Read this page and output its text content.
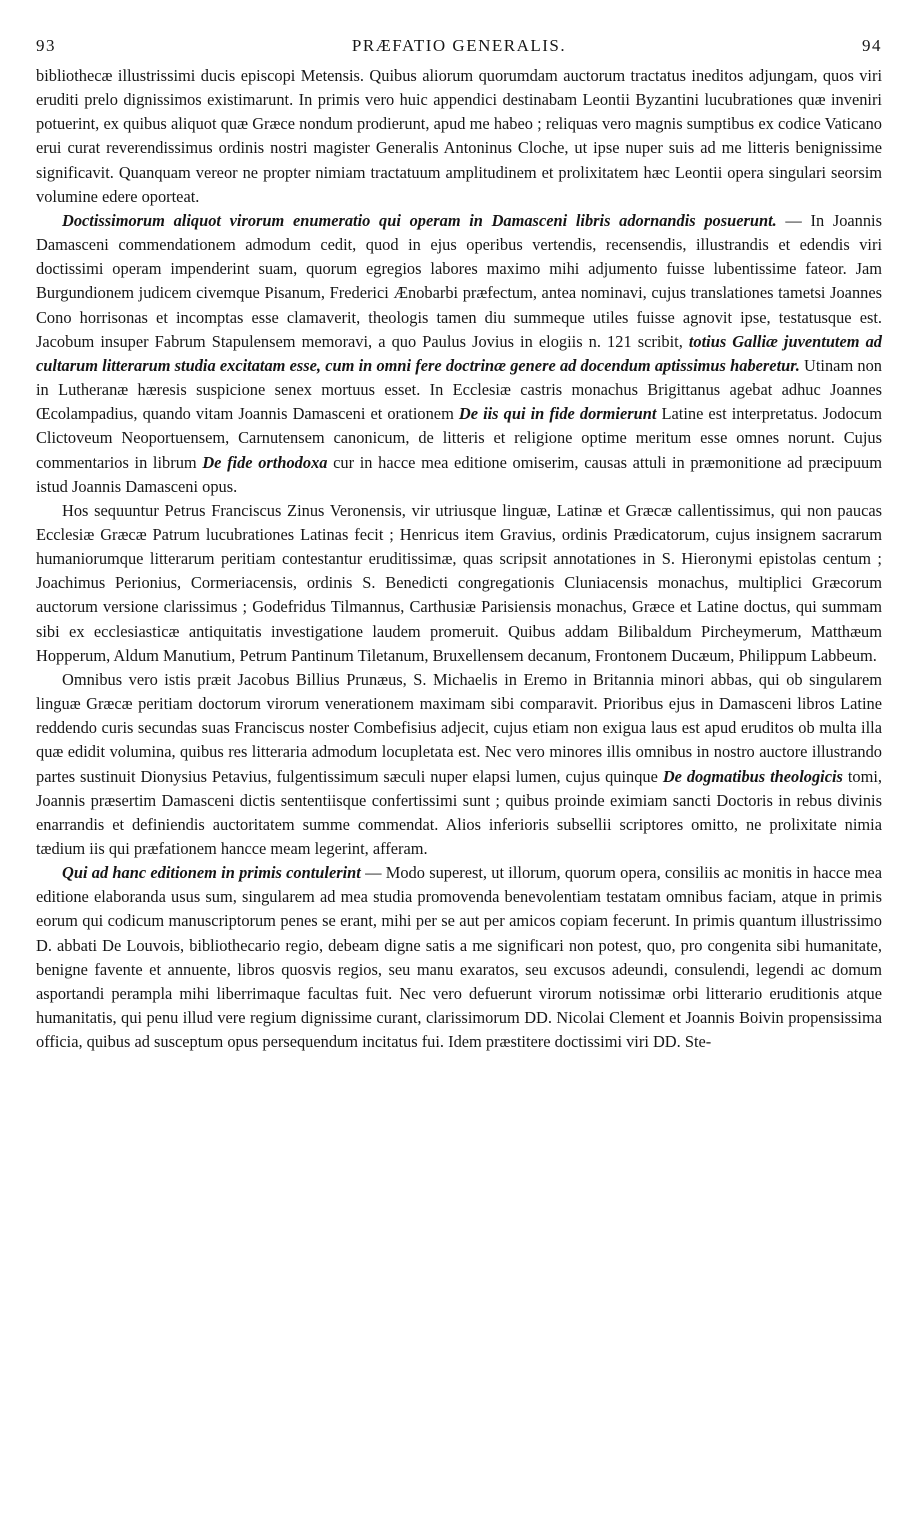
93	PRÆFATIO GENERALIS.	94

bibliothecæ illustrissimi ducis episcopi Metensis. Quibus aliorum quorumdam auctorum tractatus ineditos adjungam, quos viri eruditi prelo dignissimos existimarunt. In primis vero huic appendici destinabam Leontii Byzantini lucubrationes quæ inveniri potuerint, ex quibus aliquot quæ Græce nondum prodierunt, apud me habeo ; reliquas vero magnis sumptibus ex codice Vaticano erui curat reverendissimus ordinis nostri magister Generalis Antoninus Cloche, ut ipse nuper suis ad me litteris benignissime significavit. Quanquam vereor ne propter nimiam tractatuum amplitudinem et prolixitatem hæc Leontii opera singulari seorsim volumine edere oporteat.

Doctissimorum aliquot virorum enumeratio qui operam in Damasceni libris adornandis posuerunt. — In Joannis Damasceni commendationem admodum cedit, quod in ejus operibus vertendis, recensendis, illustrandis et edendis viri doctissimi operam impenderint suam, quorum egregios labores maximo mihi adjumento fuisse lubentissime fateor. Jam Burgundionem judicem civemque Pisanum, Frederici Ænobarbi præfectum, antea nominavi, cujus translationes tametsi Joannes Cono horrisonas et incomptas esse clamaverit, theologis tamen diu summeque utiles fuisse agnovit ipse, testatusque est. Jacobum insuper Fabrum Stapulensem memoravi, a quo Paulus Jovius in elogiis n. 121 scribit, totius Galliæ juventutem ad cultarum litterarum studia excitatam esse, cum in omni fere doctrinæ genere ad docendum aptissimus haberetur. Utinam non in Lutheranæ hæresis suspicione senex mortuus esset. In Ecclesiæ castris monachus Brigittanus agebat adhuc Joannes Œcolampadius, quando vitam Joannis Damasceni et orationem De iis qui in fide dormierunt Latine est interpretatus. Jodocum Clictoveum Neoportuensem, Carnutensem canonicum, de litteris et religione optime meritum esse omnes norunt. Cujus commentarios in librum De fide orthodoxa cur in hacce mea editione omiserim, causas attuli in præmonitione ad præcipuum istud Joannis Damasceni opus.

Hos sequuntur Petrus Franciscus Zinus Veronensis, vir utriusque linguæ, Latinæ et Græcæ callentissimus, qui non paucas Ecclesiæ Græcæ Patrum lucubrationes Latinas fecit ; Henricus item Gravius, ordinis Prædicatorum, cujus insignem sacrarum humaniorumque litterarum peritiam contestantur eruditissimæ, quas scripsit annotationes in S. Hieronymi epistolas centum ; Joachimus Perionius, Cormeriacensis, ordinis S. Benedicti congregationis Cluniacensis monachus, multiplici Græcorum auctorum versione clarissimus ; Godefridus Tilmannus, Carthusiæ Parisiensis monachus, Græce et Latine doctus, qui summam sibi ex ecclesiasticæ antiquitatis investigatione laudem promeruit. Quibus addam Bilibaldum Pircheymerum, Matthæum Hopperum, Aldum Manutium, Petrum Pantinum Tiletanum, Bruxellensem decanum, Frontonem Ducæum, Philippum Labbeum.

Omnibus vero istis præit Jacobus Billius Prunæus, S. Michaelis in Eremo in Britannia minori abbas, qui ob singularem linguæ Græcæ peritiam doctorum virorum venerationem maximam sibi comparavit. Prioribus ejus in Damasceni libros Latine reddendo curis secundas suas Franciscus noster Combefisius adjecit, cujus etiam non exigua laus est apud eruditos ob multa illa quæ edidit volumina, quibus res litteraria admodum locupletata est. Nec vero minores illis omnibus in nostro auctore illustrando partes sustinuit Dionysius Petavius, fulgentissimum sæculi nuper elapsi lumen, cujus quinque De dogmatibus theologicis tomi, Joannis præsertim Damasceni dictis sententiisque confertissimi sunt ; quibus proinde eximiam sancti Doctoris in rebus divinis enarrandis et definiendis auctoritatem summe commendat. Alios inferioris subsellii scriptores omitto, ne prolixitate nimia tædium iis qui præfationem hancce meam legerint, afferam.

Qui ad hanc editionem in primis contulerint — Modo superest, ut illorum, quorum opera, consiliis ac monitis in hacce mea editione elaboranda usus sum, singularem ad mea studia promovenda benevolentiam testatam omnibus faciam, atque in primis eorum qui codicum manuscriptorum penes se erant, mihi per se aut per amicos copiam fecerunt. In primis quantum illustrissimo D. abbati De Louvois, bibliothecario regio, debeam digne satis a me significari non potest, quo, pro congenita sibi humanitate, benigne favente et annuente, libros quosvis regios, seu manu exaratos, seu excusos adeundi, consulendi, legendi ac domum asportandi perampla mihi liberrimaque facultas fuit. Nec vero defuerunt virorum notissimæ orbi litterario eruditionis atque humanitatis, qui penu illud vere regium dignissime curant, clarissimorum DD. Nicolai Clement et Joannis Boivin propensissima officia, quibus ad susceptum opus persequendum incitatus fui. Idem præstitere doctissimi viri DD. Ste-
